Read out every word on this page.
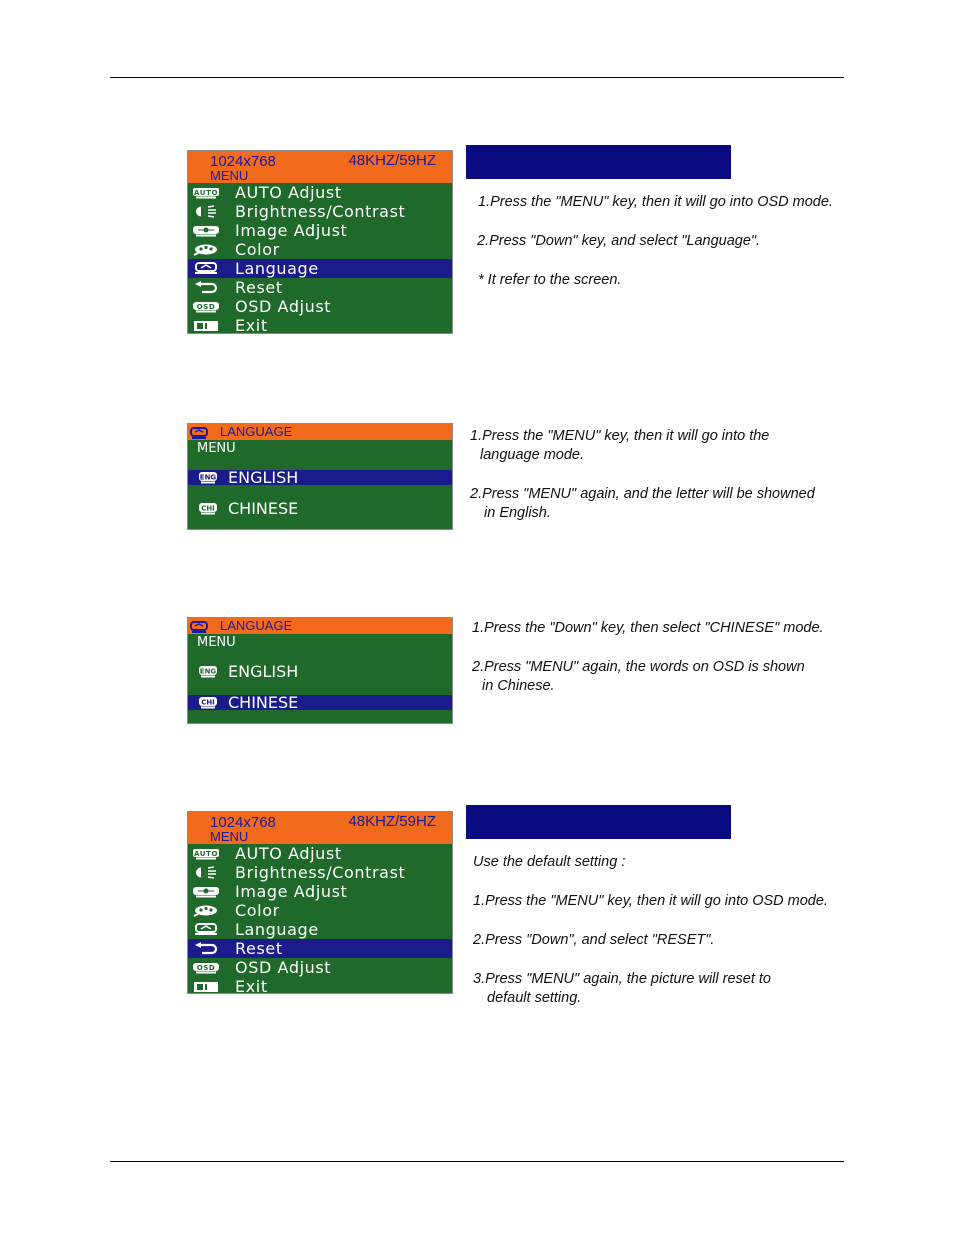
1024x768	48KHZ/59HZ
MENU
AUTO AUTO Adjust
Brightness/Contrast
Image Adjust
Color
Language
Reset
OSD OSD Adjust
Exit
1.Press the "MENU" key, then it will go into OSD mode.
2.Press "Down" key, and select "Language".
* It refer to the screen.
LANGUAGE
MENU
ENG ENGLISH
CHI CHINESE
1.Press the "MENU" key, then it will go into the
language mode.
2.Press "MENU" again, and the letter will be showned
in English.
LANGUAGE
MENU
ENG ENGLISH
CHI CHINESE
1.Press the "Down" key, then select "CHINESE" mode.
2.Press "MENU" again, the words on OSD is shown
in Chinese.
1024x768	48KHZ/59HZ
MENU
AUTO AUTO Adjust
Brightness/Contrast
Image Adjust
Color
Language
Reset
OSD OSD Adjust
Exit
Use the default setting :
1.Press the "MENU" key, then it will go into OSD mode.
2.Press "Down", and select "RESET".
3.Press "MENU" again, the picture will reset to
default setting.
